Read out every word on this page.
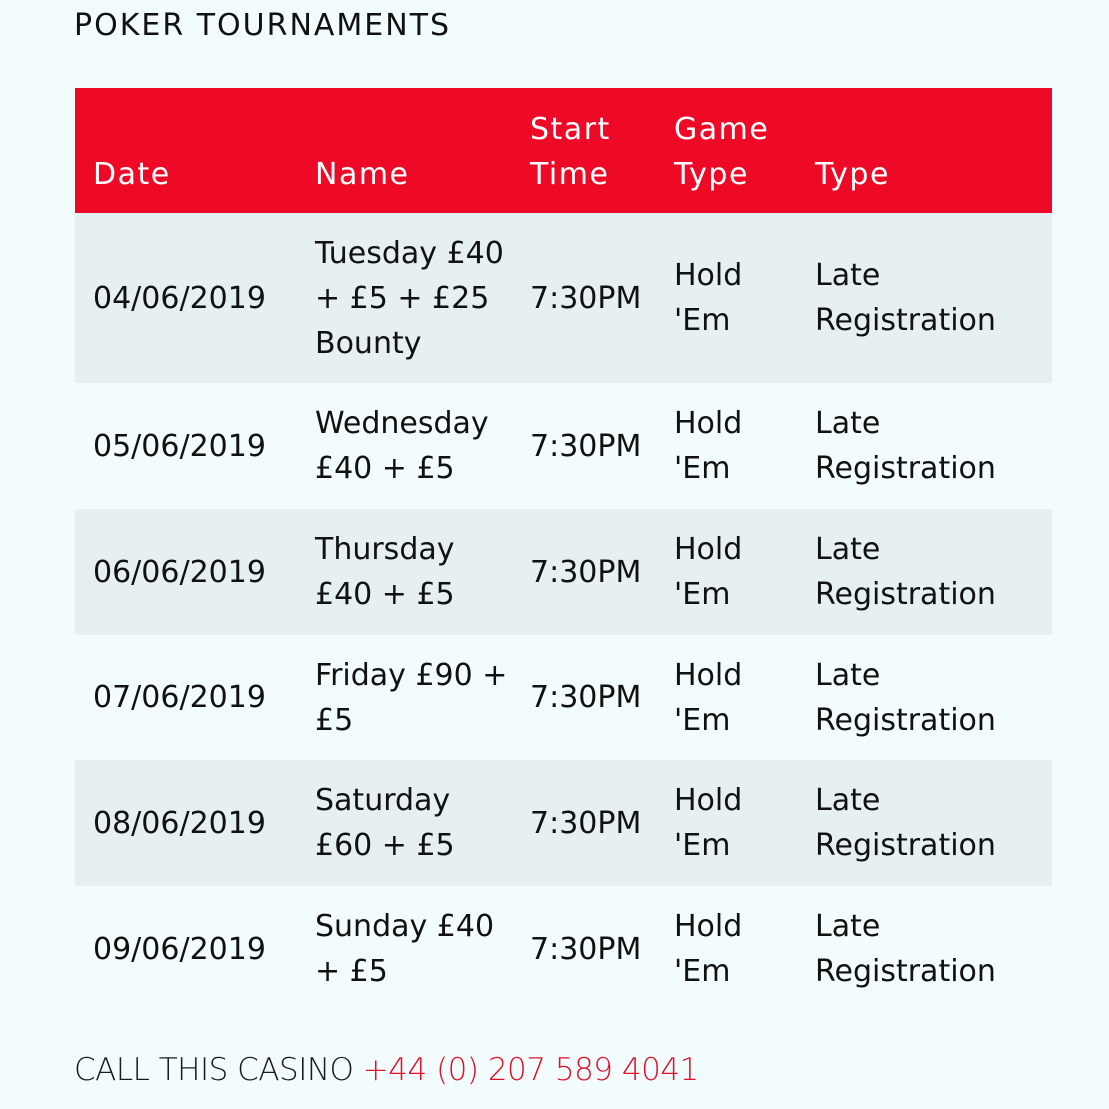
POKER TOURNAMENTS
Date	Name	Start Time	Game Type	Type
04/06/2019	Tuesday £40 + £5 + £25 Bounty	7:30PM	Hold 'Em	Late Registration
05/06/2019	Wednesday £40 + £5	7:30PM	Hold 'Em	Late Registration
06/06/2019	Thursday £40 + £5	7:30PM	Hold 'Em	Late Registration
07/06/2019	Friday £90 + £5	7:30PM	Hold 'Em	Late Registration
08/06/2019	Saturday £60 + £5	7:30PM	Hold 'Em	Late Registration
09/06/2019	Sunday £40 + £5	7:30PM	Hold 'Em	Late Registration
CALL THIS CASINO +44 (0) 207 589 4041
